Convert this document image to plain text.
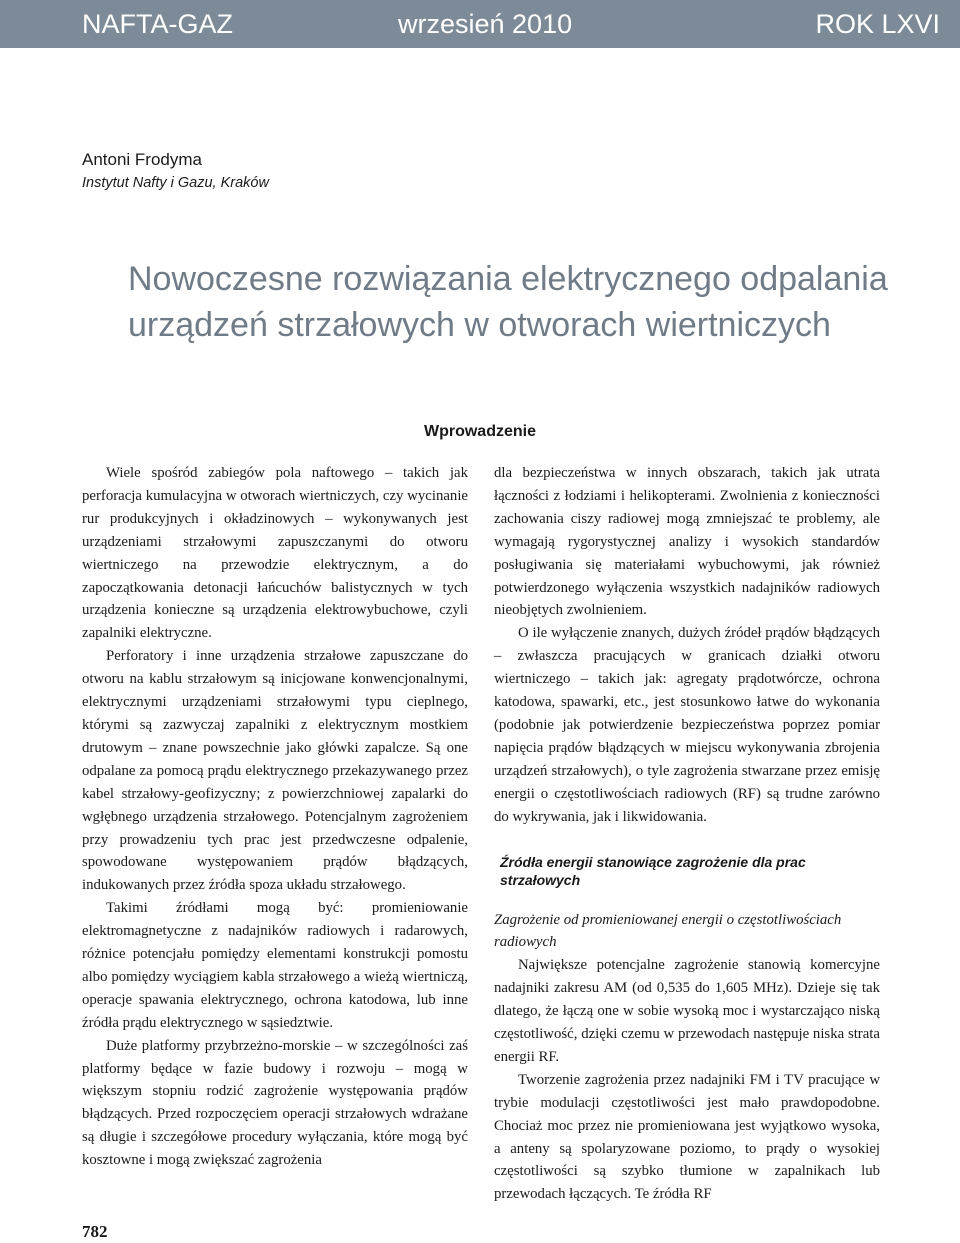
NAFTA-GAZ	wrzesień 2010	ROK LXVI
Antoni Frodyma
Instytut Nafty i Gazu, Kraków
Nowoczesne rozwiązania elektrycznego odpalania
urządzeń strzałowych w otworach wiertniczych
Wprowadzenie

Wiele spośród zabiegów pola naftowego – takich jak perforacja kumulacyjna w otworach wiertniczych, czy wycinanie rur produkcyjnych i okładzinowych – wykonywanych jest urządzeniami strzałowymi zapuszczanymi do otworu wiertniczego na przewodzie elektrycznym, a do zapoczątkowania detonacji łańcuchów balistycznych w tych urządzenia konieczne są urządzenia elektrowybuchowe, czyli zapalniki elektryczne.

Perforatory i inne urządzenia strzałowe zapuszczane do otworu na kablu strzałowym są inicjowane konwencjonalnymi, elektrycznymi urządzeniami strzałowymi typu cieplnego, którymi są zazwyczaj zapalniki z elektrycznym mostkiem drutowym – znane powszechnie jako główki zapalcze. Są one odpalane za pomocą prądu elektrycznego przekazywanego przez kabel strzałowy-geofizyczny; z powierzchniowej zapalarki do wgłębnego urządzenia strzałowego. Potencjalnym zagrożeniem przy prowadzeniu tych prac jest przedwczesne odpalenie, spowodowane występowaniem prądów błądzących, indukowanych przez źródła spoza układu strzałowego.

Takimi źródłami mogą być: promieniowanie elektromagnetyczne z nadajników radiowych i radarowych, różnice potencjału pomiędzy elementami konstrukcji pomostu albo pomiędzy wyciągiem kabla strzałowego a wieżą wiertniczą, operacje spawania elektrycznego, ochrona katodowa, lub inne źródła prądu elektrycznego w sąsiedztwie.

Duże platformy przybrzeżno-morskie – w szczególności zaś platformy będące w fazie budowy i rozwoju – mogą w większym stopniu rodzić zagrożenie występowania prądów błądzących. Przed rozpoczęciem operacji strzałowych wdrażane są długie i szczegółowe procedury wyłączania, które mogą być kosztowne i mogą zwiększać zagrożenia

dla bezpieczeństwa w innych obszarach, takich jak utrata łączności z łodziami i helikopterami. Zwolnienia z konieczności zachowania ciszy radiowej mogą zmniejszać te problemy, ale wymagają rygorystycznej analizy i wysokich standardów posługiwania się materiałami wybuchowymi, jak również potwierdzonego wyłączenia wszystkich nadajników radiowych nieobjętych zwolnieniem.

O ile wyłączenie znanych, dużych źródeł prądów błądzących – zwłaszcza pracujących w granicach działki otworu wiertniczego – takich jak: agregaty prądotwórcze, ochrona katodowa, spawarki, etc., jest stosunkowo łatwe do wykonania (podobnie jak potwierdzenie bezpieczeństwa poprzez pomiar napięcia prądów błądzących w miejscu wykonywania zbrojenia urządzeń strzałowych), o tyle zagrożenia stwarzane przez emisję energii o częstotliwościach radiowych (RF) są trudne zarówno do wykrywania, jak i likwidowania.

Źródła energii stanowiące zagrożenie dla prac strzałowych
Zagrożenie od promieniowanej energii o częstotliwościach radiowych

Największe potencjalne zagrożenie stanowią komercyjne nadajniki zakresu AM (od 0,535 do 1,605 MHz). Dzieje się tak dlatego, że łączą one w sobie wysoką moc i wystarczająco niską częstotliwość, dzięki czemu w przewodach następuje niska strata energii RF.

Tworzenie zagrożenia przez nadajniki FM i TV pracujące w trybie modulacji częstotliwości jest mało prawdopodobne. Chociaż moc przez nie promieniowana jest wyjątkowo wysoka, a anteny są spolaryzowane poziomo, to prądy o wysokiej częstotliwości są szybko tłumione w zapalnikach lub przewodach łączących. Te źródła RF

782
